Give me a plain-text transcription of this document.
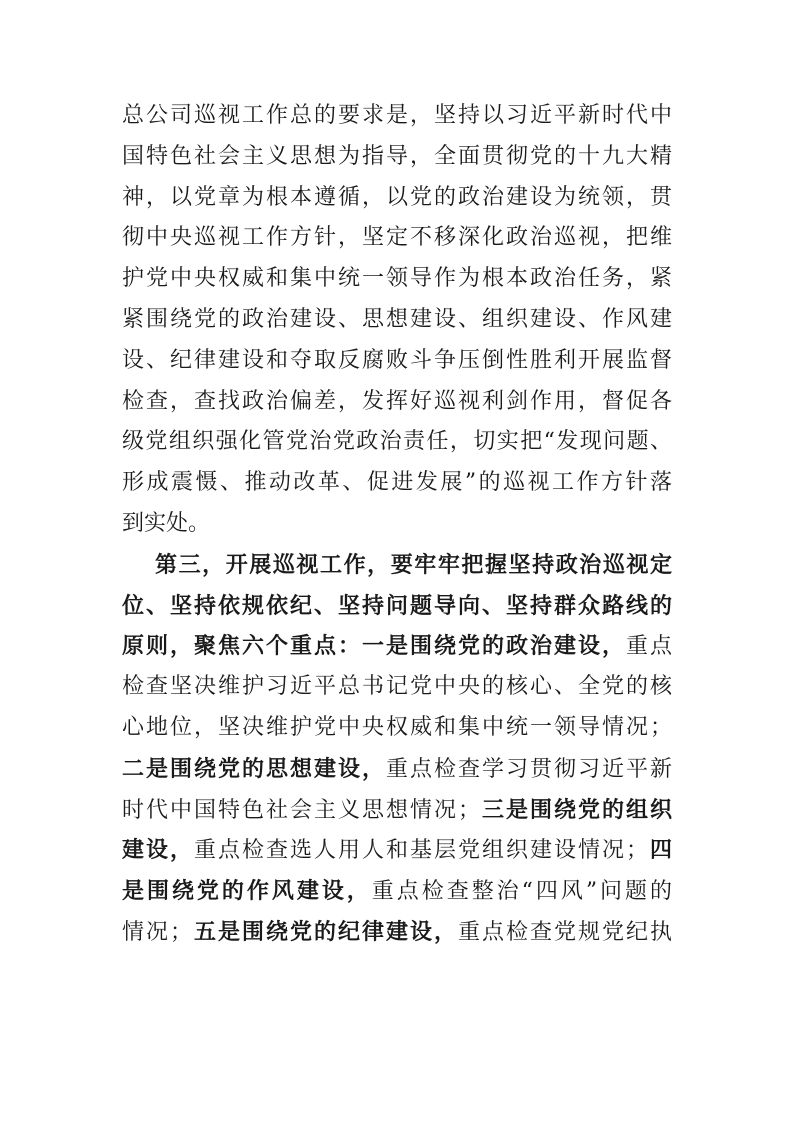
总公司巡视工作总的要求是，坚持以习近平新时代中
国特色社会主义思想为指导，全面贯彻党的十九大精
神，以党章为根本遵循，以党的政治建设为统领，贯
彻中央巡视工作方针，坚定不移深化政治巡视，把维
护党中央权威和集中统一领导作为根本政治任务，紧
紧围绕党的政治建设、思想建设、组织建设、作风建
设、纪律建设和夺取反腐败斗争压倒性胜利开展监督
检查，查找政治偏差，发挥好巡视利剑作用，督促各
级党组织强化管党治党政治责任，切实把“发现问题、
形成震慑、推动改革、促进发展”的巡视工作方针落
到实处。
第三，开展巡视工作，要牢牢把握坚持政治巡视定
位、坚持依规依纪、坚持问题导向、坚持群众路线的
原则，聚焦六个重点：一是围绕党的政治建设，重点
检查坚决维护习近平总书记党中央的核心、全党的核
心地位，坚决维护党中央权威和集中统一领导情况；
二是围绕党的思想建设，重点检查学习贯彻习近平新
时代中国特色社会主义思想情况；三是围绕党的组织
建设，重点检查选人用人和基层党组织建设情况；四
是围绕党的作风建设，重点检查整治“四风”问题的
情况；五是围绕党的纪律建设，重点检查党规党纪执
